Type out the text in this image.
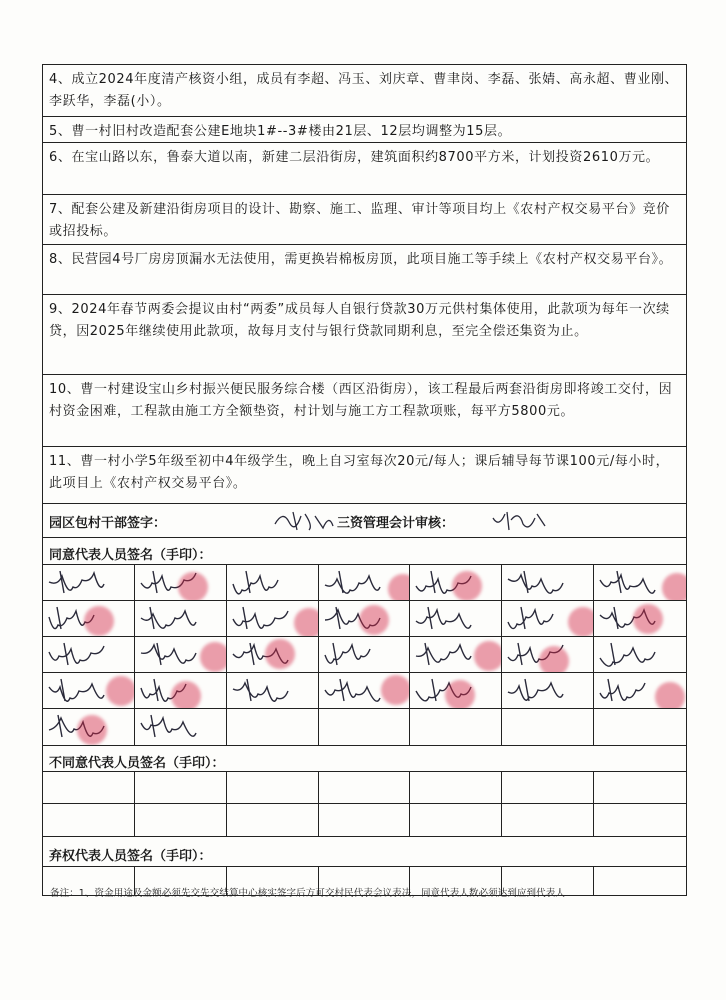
4、成立2024年度清产核资小组，成员有李超、冯玉、刘庆章、曹聿岗、李磊、张婧、高永超、曹业刚、李跃华，李磊(小）。
5、曹一村旧村改造配套公建E地块1#--3#楼由21层、12层均调整为15层。
6、在宝山路以东，鲁泰大道以南，新建二层沿街房，建筑面积约8700平方米，计划投资2610万元。
7、配套公建及新建沿街房项目的设计、勘察、施工、监理、审计等项目均上《农村产权交易平台》竞价或招投标。
8、民营园4号厂房房顶漏水无法使用，需更换岩棉板房顶，此项目施工等手续上《农村产权交易平台》。
9、2024年春节两委会提议由村“两委”成员每人自银行贷款30万元供村集体使用，此款项为每年一次续贷，因2025年继续使用此款项，故每月支付与银行贷款同期利息，至完全偿还集资为止。
10、曹一村建设宝山乡村振兴便民服务综合楼（西区沿街房），该工程最后两套沿街房即将竣工交付，因村资金困难，工程款由施工方全额垫资，村计划与施工方工程款项账，每平方5800元。
11、曹一村小学5年级至初中4年级学生，晚上自习室每次20元/每人；课后辅导每节课100元/每小时，此项目上《农村产权交易平台》。
园区包村干部签字：	三资管理会计审核：
同意代表人员签名（手印）：
不同意代表人员签名（手印）：
弃权代表人员签名（手印）：
备注：1、资金用途及金额必须先交先交结算中心核实签字后方可交村民代表会议表决，同意代表人数必须达到应到代表人
